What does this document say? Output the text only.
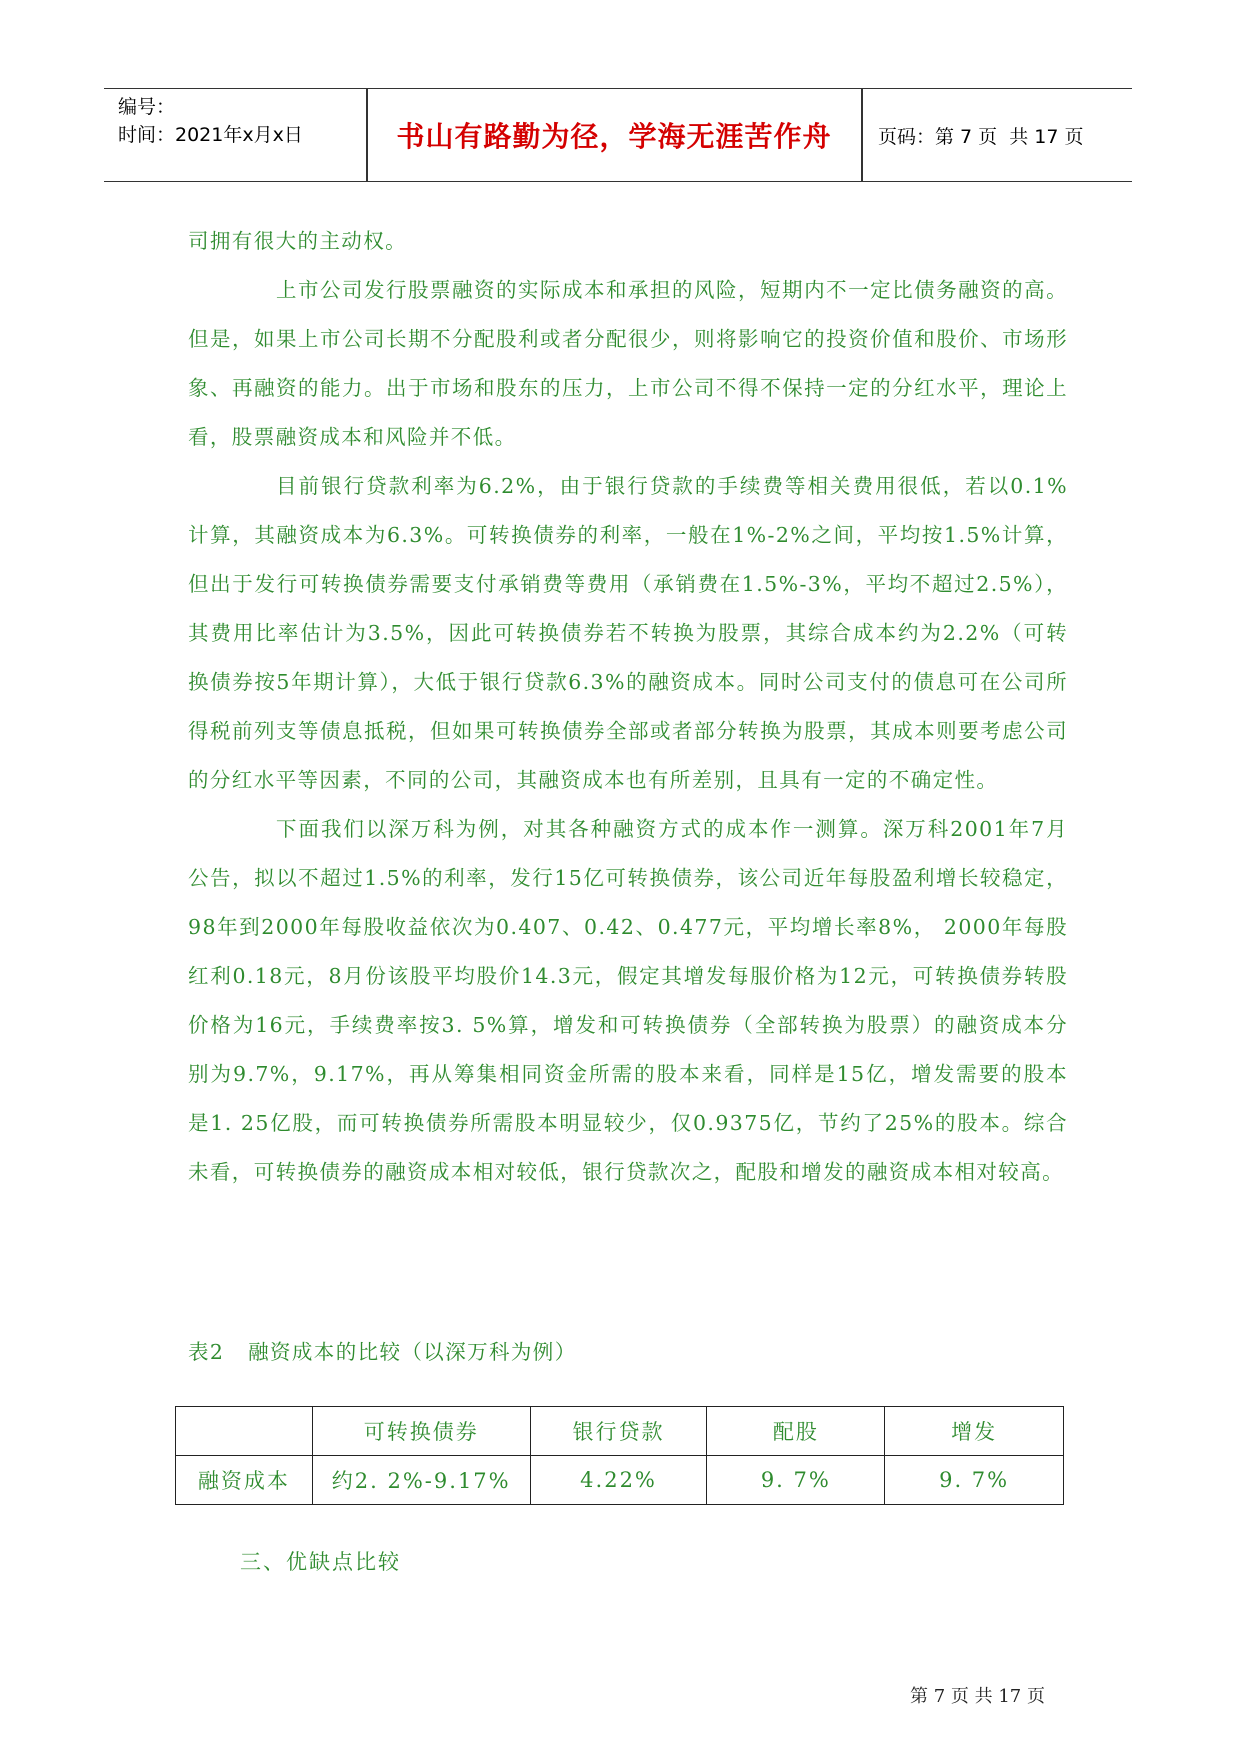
编号：
时间：2021年x月x日	书山有路勤为径，学海无涯苦作舟	页码：第 7 页  共 17 页

司拥有很大的主动权。

上市公司发行股票融资的实际成本和承担的风险，短期内不一定比债务融资的高。但是，如果上市公司长期不分配股利或者分配很少，则将影响它的投资价值和股价、市场形象、再融资的能力。出于市场和股东的压力，上市公司不得不保持一定的分红水平，理论上看，股票融资成本和风险并不低。

目前银行贷款利率为6.2%，由于银行贷款的手续费等相关费用很低，若以0.1%计算，其融资成本为6.3%。可转换债券的利率，一般在1%-2%之间，平均按1.5%计算，但出于发行可转换债券需要支付承销费等费用（承销费在1.5%-3%，平均不超过2.5%），其费用比率估计为3.5%，因此可转换债券若不转换为股票，其综合成本约为2.2%（可转换债券按5年期计算），大低于银行贷款6.3%的融资成本。同时公司支付的债息可在公司所得税前列支等债息抵税，但如果可转换债券全部或者部分转换为股票，其成本则要考虑公司的分红水平等因素，不同的公司，其融资成本也有所差别，且具有一定的不确定性。

下面我们以深万科为例，对其各种融资方式的成本作一测算。深万科2001年7月公告，拟以不超过1.5%的利率，发行15亿可转换债券，该公司近年每股盈利增长较稳定， 98年到2000年每股收益依次为0.407、0.42、0.477元，平均增长率8%， 2000年每股红利0.18元，8月份该股平均股价14.3元，假定其增发每服价格为12元，可转换债券转股价格为16元，手续费率按3. 5%算，增发和可转换债券（全部转换为股票）的融资成本分别为9.7%，9.17%，再从筹集相同资金所需的股本来看，同样是15亿，增发需要的股本是1. 25亿股，而可转换债券所需股本明显较少，仅0.9375亿，节约了25%的股本。综合未看，可转换债券的融资成本相对较低，银行贷款次之，配股和增发的融资成本相对较高。

表2   融资成本的比较（以深万科为例）
	可转换债券	银行贷款	配股	增发
融资成本	约2. 2%-9.17%	4.22%	9. 7%	9. 7%
三、优缺点比较
第 7 页 共 17 页
